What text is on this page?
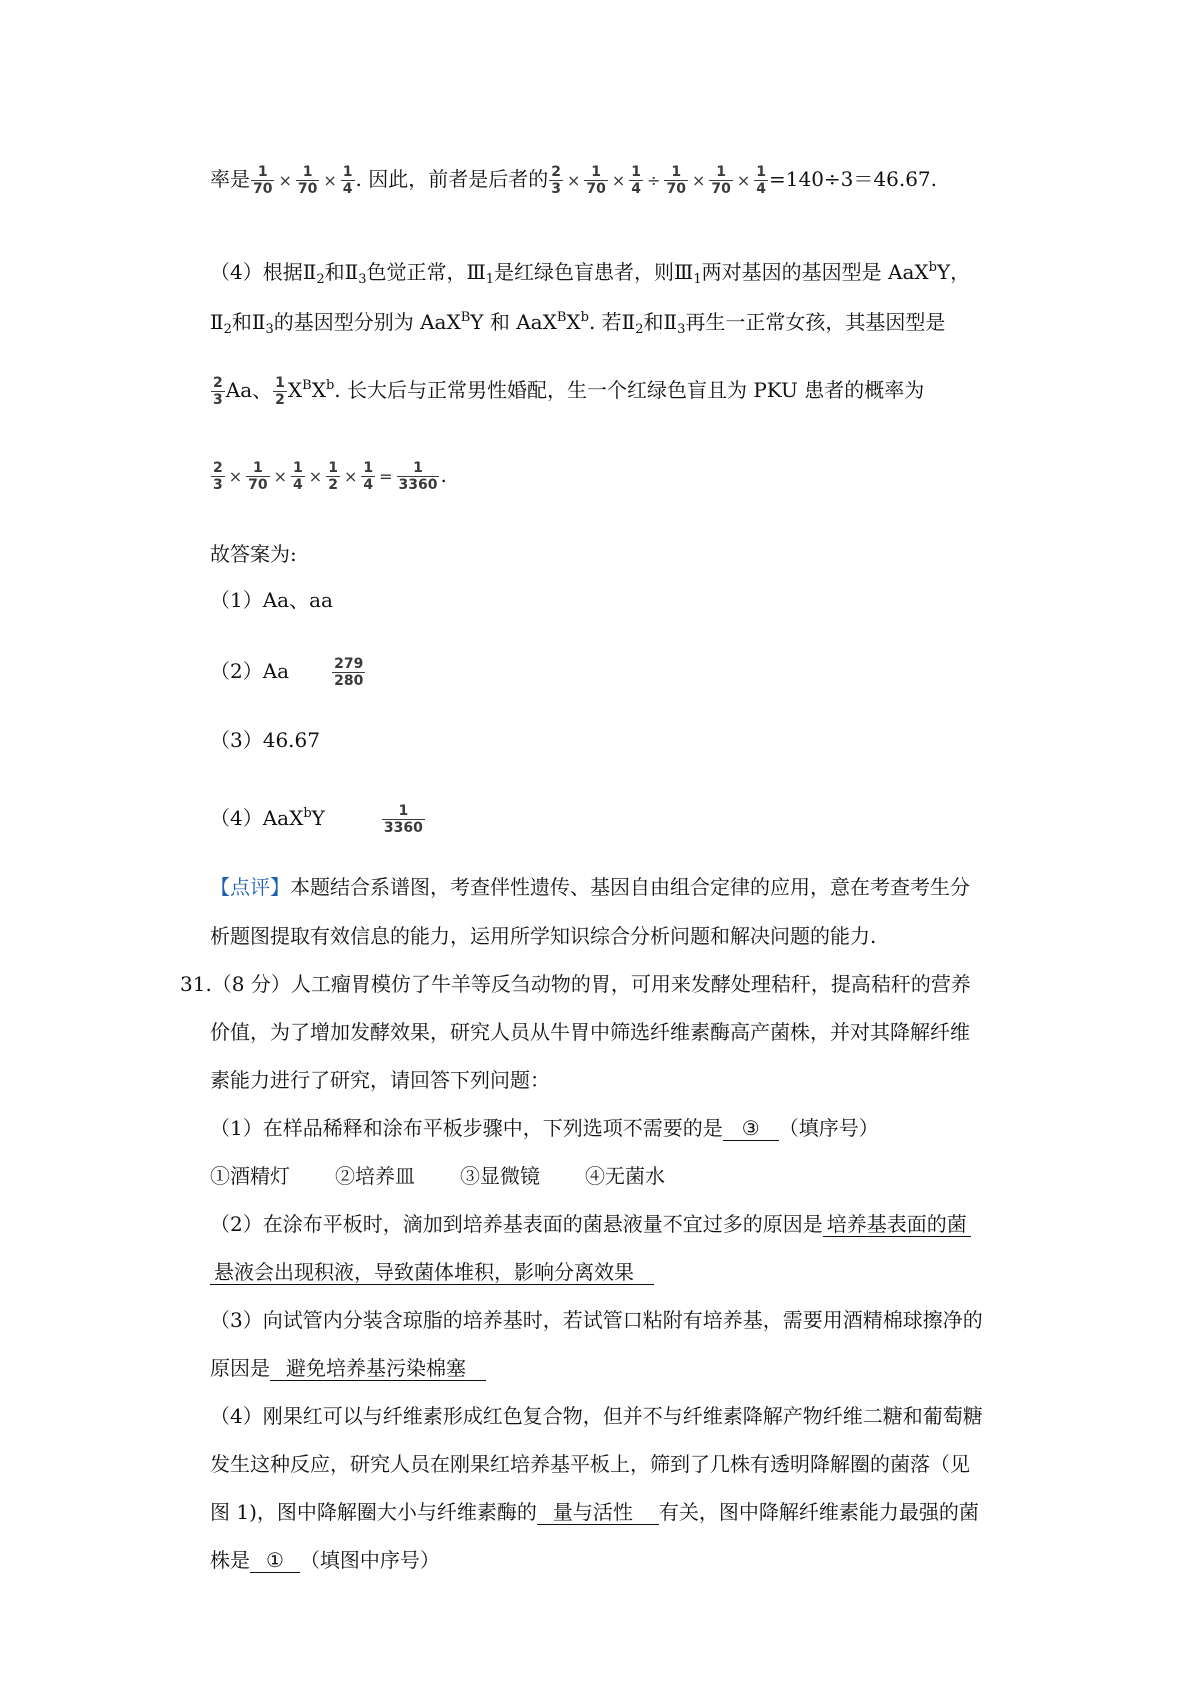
率是 $\frac{1}{70} \times \frac{1}{70} \times \frac{1}{4}$ . 因此，前者是后者的 $\frac{2}{3} \times \frac{1}{70} \times \frac{1}{4} \div \frac{1}{70} \times \frac{1}{70} \times \frac{1}{4} =140\div 3=46.67$.
（4）根据$Ⅱ_2$和$Ⅱ_3$色觉正常，$Ⅲ_1$是红绿色盲患者，则$Ⅲ_1$两对基因的基因型是 AaX$^b$Y，
$Ⅱ_2$和$Ⅱ_3$的基因型分别为 AaX$^B$Y 和 $AaX^BX^b$. 若$Ⅱ_2$和$Ⅱ_3$再生一正常女孩，其基因型是
$\frac{2}{3}$ Aa、 $\frac{1}{2} X^BX^b$. 长大后与正常男性婚配，生一个红绿色盲且为 PKU 患者的概率为
$\frac{2}{3} \times \frac{1}{70} \times \frac{1}{4} \times \frac{1}{2} \times \frac{1}{4} = \frac{1}{3360}$ .
故答案为:
（1）Aa、aa
（2）Aa	$\frac{279}{280}$
（3）46.67
（4）AaX$^b$Y	$\frac{1}{3360}$
【点评】本题结合系谱图，考查伴性遗传、基因自由组合定律的应用，意在考查考生分
析题图提取有效信息的能力，运用所学知识综合分析问题和解决问题的能力.
31.（8 分）人工瘤胃模仿了牛羊等反刍动物的胃，可用来发酵处理秸秆，提高秸秆的营养
价值，为了增加发酵效果，研究人员从牛胃中筛选纤维素酶高产菌株，并对其降解纤维
素能力进行了研究，请回答下列问题：
（1）在样品稀释和涂布平板步骤中，下列选项不需要的是 ③ （填序号）
①酒精灯 ②培养皿 ③显微镜 ④无菌水
（2）在涂布平板时，滴加到培养基表面的菌悬液量不宜过多的原因是 培养基表面的菌
悬液会出现积液，导致菌体堆积，影响分离效果
（3）向试管内分装含琼脂的培养基时，若试管口粘附有培养基，需要用酒精棉球擦净的
原因是 避免培养基污染棉塞
（4）刚果红可以与纤维素形成红色复合物，但并不与纤维素降解产物纤维二糖和葡萄糖
发生这种反应，研究人员在刚果红培养基平板上，筛到了几株有透明降解圈的菌落（见
图 1)，图中降解圈大小与纤维素酶的 量与活性 有关，图中降解纤维素能力最强的菌
株是 ① （填图中序号）
